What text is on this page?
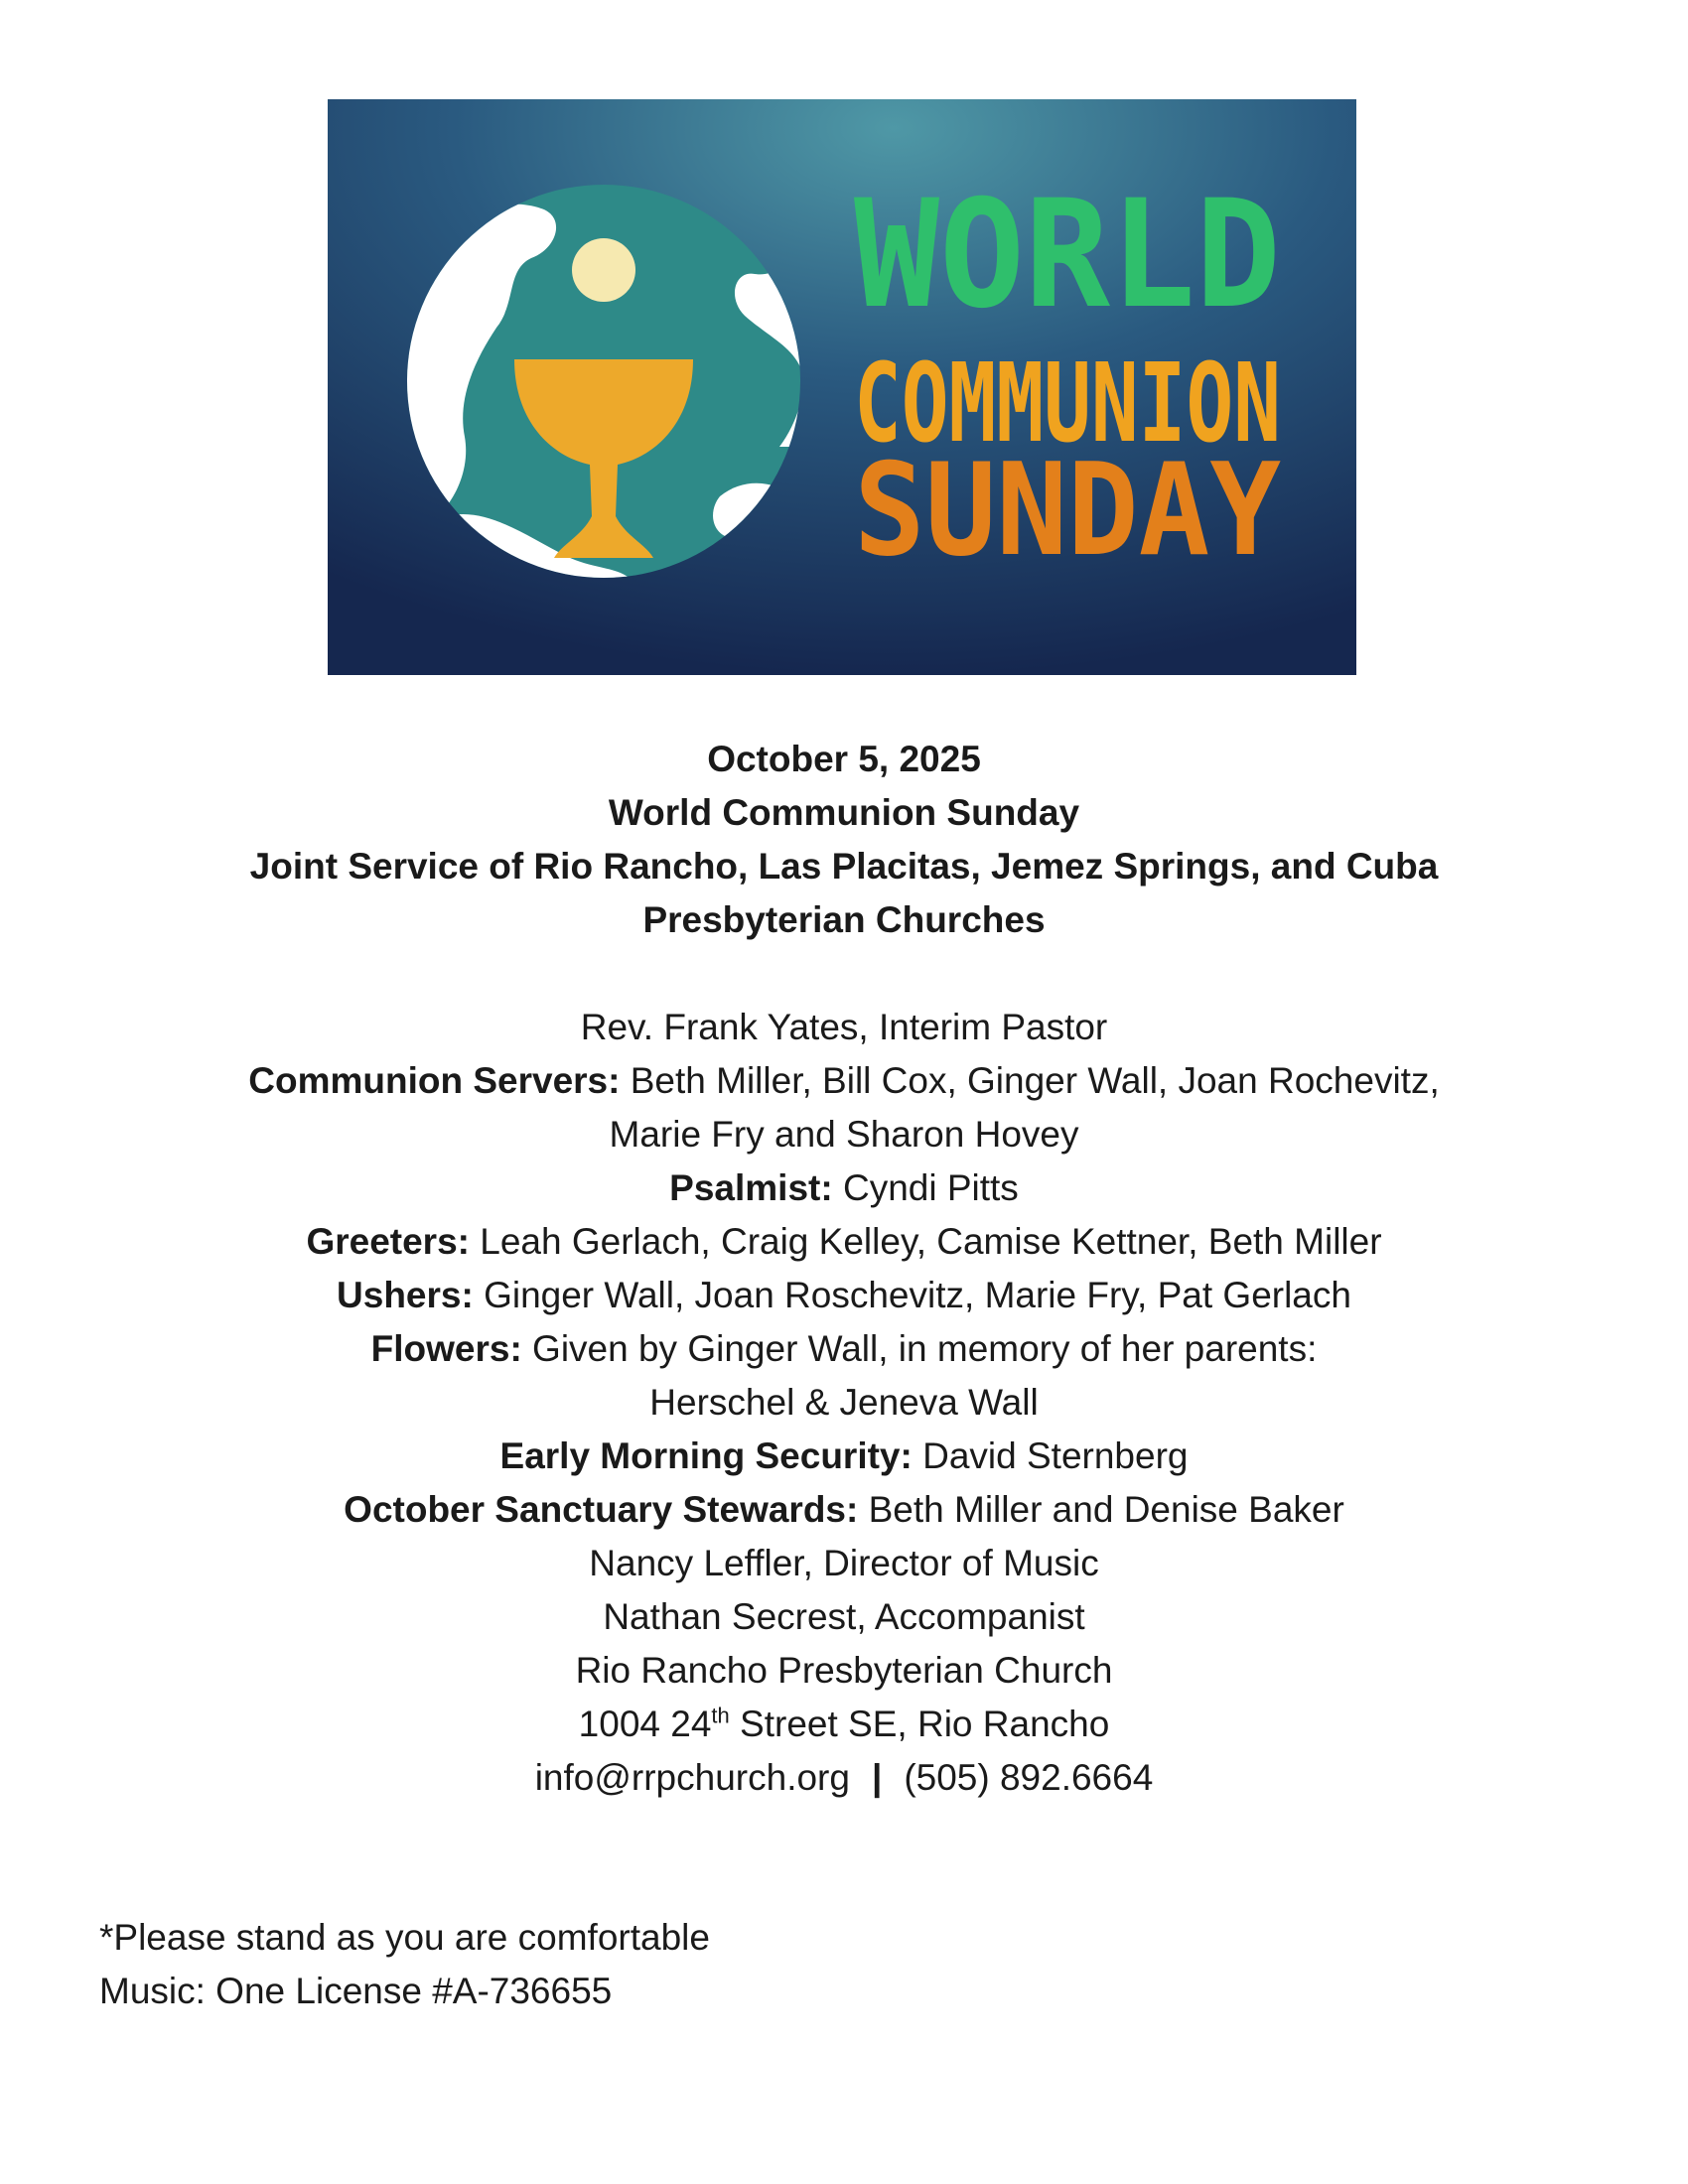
WORLD
COMMUNION
SUNDAY
October 5, 2025
World Communion Sunday
Joint Service of Rio Rancho, Las Placitas, Jemez Springs, and Cuba
Presbyterian Churches
Rev. Frank Yates, Interim Pastor
Communion Servers: Beth Miller, Bill Cox, Ginger Wall, Joan Rochevitz,
Marie Fry and Sharon Hovey
Psalmist: Cyndi Pitts
Greeters: Leah Gerlach, Craig Kelley, Camise Kettner, Beth Miller
Ushers: Ginger Wall, Joan Roschevitz, Marie Fry, Pat Gerlach
Flowers: Given by Ginger Wall, in memory of her parents:
Herschel & Jeneva Wall
Early Morning Security: David Sternberg
October Sanctuary Stewards: Beth Miller and Denise Baker
Nancy Leffler, Director of Music
Nathan Secrest, Accompanist
Rio Rancho Presbyterian Church
1004 24th Street SE, Rio Rancho
info@rrpchurch.org | (505) 892.6664
*Please stand as you are comfortable
Music: One License #A-736655
